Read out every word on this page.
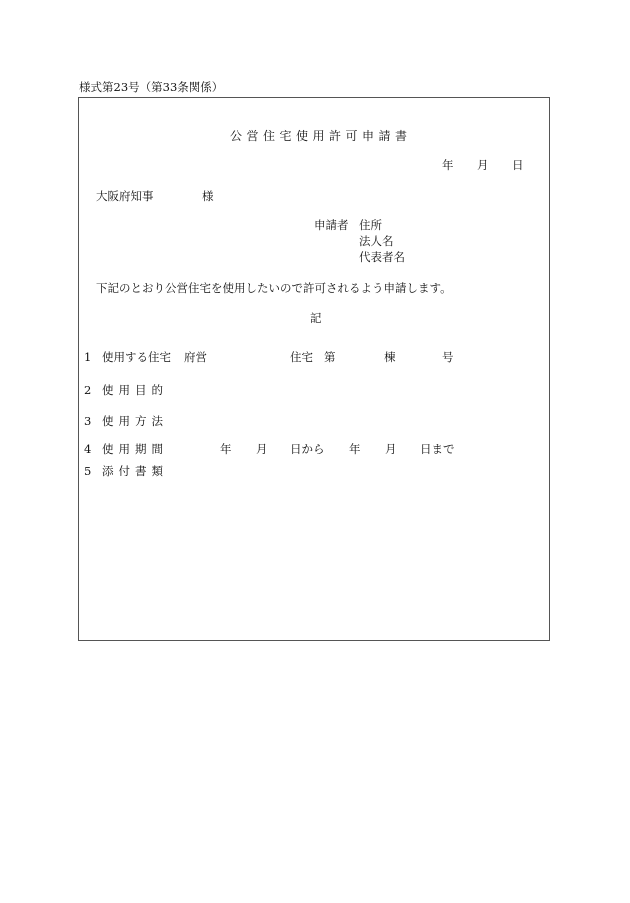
様式第23号（第33条関係）
公営住宅使用許可申請書
年 月 日
大阪府知事	様
申請者 住所
法人名
代表者名
下記のとおり公営住宅を使用したいので許可されるよう申請します。
記
1 使用する住宅 府営	住宅 第	棟	号
2 使用目的
3 使用方法
4 使用期間	年 月 日から 年 月 日まで
5 添付書類
